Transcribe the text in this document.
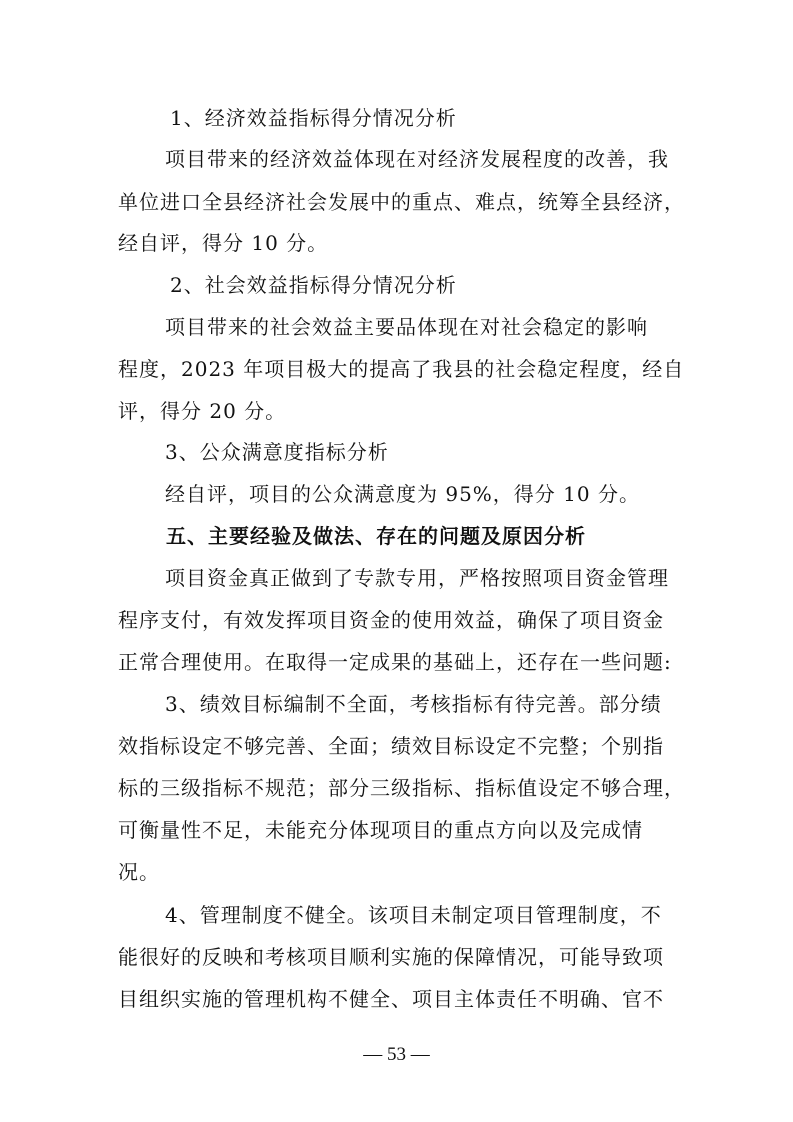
1、经济效益指标得分情况分析
项目带来的经济效益体现在对经济发展程度的改善，我
单位进口全县经济社会发展中的重点、难点，统筹全县经济，
经自评，得分 10 分。
2、社会效益指标得分情况分析
项目带来的社会效益主要品体现在对社会稳定的影响
程度，2023 年项目极大的提高了我县的社会稳定程度，经自
评，得分 20 分。
3、公众满意度指标分析
经自评，项目的公众满意度为 95%，得分 10 分。
五、主要经验及做法、存在的问题及原因分析
项目资金真正做到了专款专用，严格按照项目资金管理
程序支付，有效发挥项目资金的使用效益，确保了项目资金
正常合理使用。在取得一定成果的基础上，还存在一些问题:
3、绩效目标编制不全面，考核指标有待完善。部分绩
效指标设定不够完善、全面；绩效目标设定不完整；个别指
标的三级指标不规范；部分三级指标、指标值设定不够合理，
可衡量性不足，未能充分体现项目的重点方向以及完成情
况。
4、管理制度不健全。该项目未制定项目管理制度，不
能很好的反映和考核项目顺利实施的保障情况，可能导致项
目组织实施的管理机构不健全、项目主体责任不明确、官不
— 53 —
